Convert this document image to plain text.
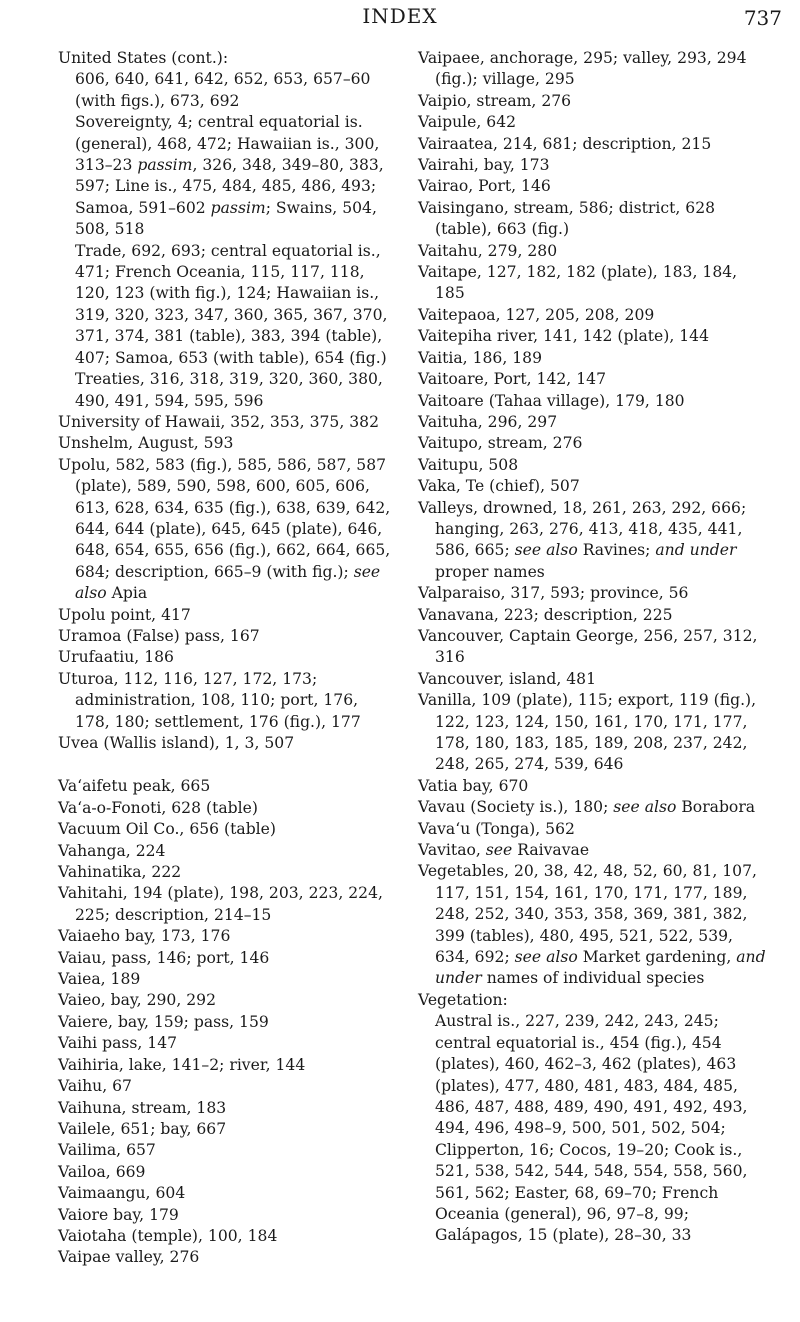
INDEX	737

United States (cont.):

606, 640, 641, 642, 652, 653, 657–60 (with figs.), 673, 692

Sovereignty, 4; central equatorial is. (general), 468, 472; Hawaiian is., 300, 313–23 passim, 326, 348, 349–80, 383, 597; Line is., 475, 484, 485, 486, 493; Samoa, 591–602 passim; Swains, 504, 508, 518

Trade, 692, 693; central equatorial is., 471; French Oceania, 115, 117, 118, 120, 123 (with fig.), 124; Hawaiian is., 319, 320, 323, 347, 360, 365, 367, 370, 371, 374, 381 (table), 383, 394 (table), 407; Samoa, 653 (with table), 654 (fig.)

Treaties, 316, 318, 319, 320, 360, 380, 490, 491, 594, 595, 596

University of Hawaii, 352, 353, 375, 382

Unshelm, August, 593

Upolu, 582, 583 (fig.), 585, 586, 587, 587 (plate), 589, 590, 598, 600, 605, 606, 613, 628, 634, 635 (fig.), 638, 639, 642, 644, 644 (plate), 645, 645 (plate), 646, 648, 654, 655, 656 (fig.), 662, 664, 665, 684; description, 665–9 (with fig.); see also Apia

Upolu point, 417

Uramoa (False) pass, 167

Urufaatiu, 186

Uturoa, 112, 116, 127, 172, 173; administration, 108, 110; port, 176, 178, 180; settlement, 176 (fig.), 177

Uvea (Wallis island), 1, 3, 507

Va‘aifetu peak, 665

Va‘a-o-Fonoti, 628 (table)

Vacuum Oil Co., 656 (table)

Vahanga, 224

Vahinatika, 222

Vahitahi, 194 (plate), 198, 203, 223, 224, 225; description, 214–15

Vaiaeho bay, 173, 176

Vaiau, pass, 146; port, 146

Vaiea, 189

Vaieo, bay, 290, 292

Vaiere, bay, 159; pass, 159

Vaihi pass, 147

Vaihiria, lake, 141–2; river, 144

Vaihu, 67

Vaihuna, stream, 183

Vailele, 651; bay, 667

Vailima, 657

Vailoa, 669

Vaimaangu, 604

Vaiore bay, 179

Vaiotaha (temple), 100, 184

Vaipae valley, 276

Vaipaee, anchorage, 295; valley, 293, 294 (fig.); village, 295

Vaipio, stream, 276

Vaipule, 642

Vairaatea, 214, 681; description, 215

Vairahi, bay, 173

Vairao, Port, 146

Vaisingano, stream, 586; district, 628 (table), 663 (fig.)

Vaitahu, 279, 280

Vaitape, 127, 182, 182 (plate), 183, 184, 185

Vaitepaoa, 127, 205, 208, 209

Vaitepiha river, 141, 142 (plate), 144

Vaitia, 186, 189

Vaitoare, Port, 142, 147

Vaitoare (Tahaa village), 179, 180

Vaituha, 296, 297

Vaitupo, stream, 276

Vaitupu, 508

Vaka, Te (chief), 507

Valleys, drowned, 18, 261, 263, 292, 666; hanging, 263, 276, 413, 418, 435, 441, 586, 665; see also Ravines; and under proper names

Valparaiso, 317, 593; province, 56

Vanavana, 223; description, 225

Vancouver, Captain George, 256, 257, 312, 316

Vancouver, island, 481

Vanilla, 109 (plate), 115; export, 119 (fig.), 122, 123, 124, 150, 161, 170, 171, 177, 178, 180, 183, 185, 189, 208, 237, 242, 248, 265, 274, 539, 646

Vatia bay, 670

Vavau (Society is.), 180; see also Borabora

Vava‘u (Tonga), 562

Vavitao, see Raivavae

Vegetables, 20, 38, 42, 48, 52, 60, 81, 107, 117, 151, 154, 161, 170, 171, 177, 189, 248, 252, 340, 353, 358, 369, 381, 382, 399 (tables), 480, 495, 521, 522, 539, 634, 692; see also Market gardening, and under names of individual species

Vegetation:

Austral is., 227, 239, 242, 243, 245; central equatorial is., 454 (fig.), 454 (plates), 460, 462–3, 462 (plates), 463 (plates), 477, 480, 481, 483, 484, 485, 486, 487, 488, 489, 490, 491, 492, 493, 494, 496, 498–9, 500, 501, 502, 504; Clipperton, 16; Cocos, 19–20; Cook is., 521, 538, 542, 544, 548, 554, 558, 560, 561, 562; Easter, 68, 69–70; French Oceania (general), 96, 97–8, 99; Galápagos, 15 (plate), 28–30, 33
